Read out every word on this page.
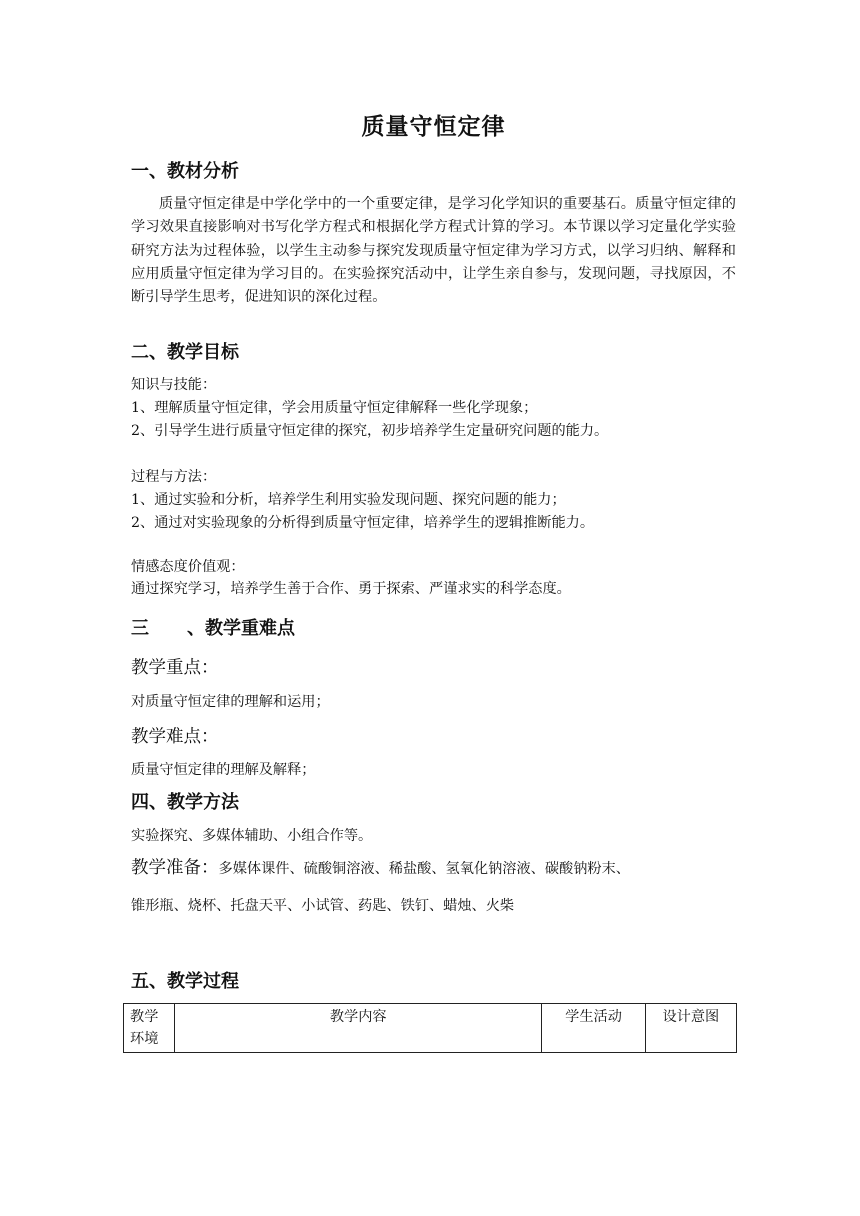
质量守恒定律
一、教材分析
质量守恒定律是中学化学中的一个重要定律，是学习化学知识的重要基石。质量守恒定律的学习效果直接影响对书写化学方程式和根据化学方程式计算的学习。本节课以学习定量化学实验研究方法为过程体验，以学生主动参与探究发现质量守恒定律为学习方式，以学习归纳、解释和应用质量守恒定律为学习目的。在实验探究活动中，让学生亲自参与，发现问题，寻找原因，不断引导学生思考，促进知识的深化过程。
二、教学目标
知识与技能：
1、理解质量守恒定律，学会用质量守恒定律解释一些化学现象；
2、引导学生进行质量守恒定律的探究，初步培养学生定量研究问题的能力。
过程与方法：
1、通过实验和分析，培养学生利用实验发现问题、探究问题的能力；
2、通过对实验现象的分析得到质量守恒定律，培养学生的逻辑推断能力。
情感态度价值观：
通过探究学习，培养学生善于合作、勇于探索、严谨求实的科学态度。
三 、教学重难点
教学重点：
对质量守恒定律的理解和运用；
教学难点：
质量守恒定律的理解及解释；
四、教学方法
实验探究、多媒体辅助、小组合作等。
教学准备：多媒体课件、硫酸铜溶液、稀盐酸、氢氧化钠溶液、碳酸钠粉末、
锥形瓶、烧杯、托盘天平、小试管、药匙、铁钉、蜡烛、火柴
五、教学过程
教学
环境	教学内容	学生活动	设计意图
